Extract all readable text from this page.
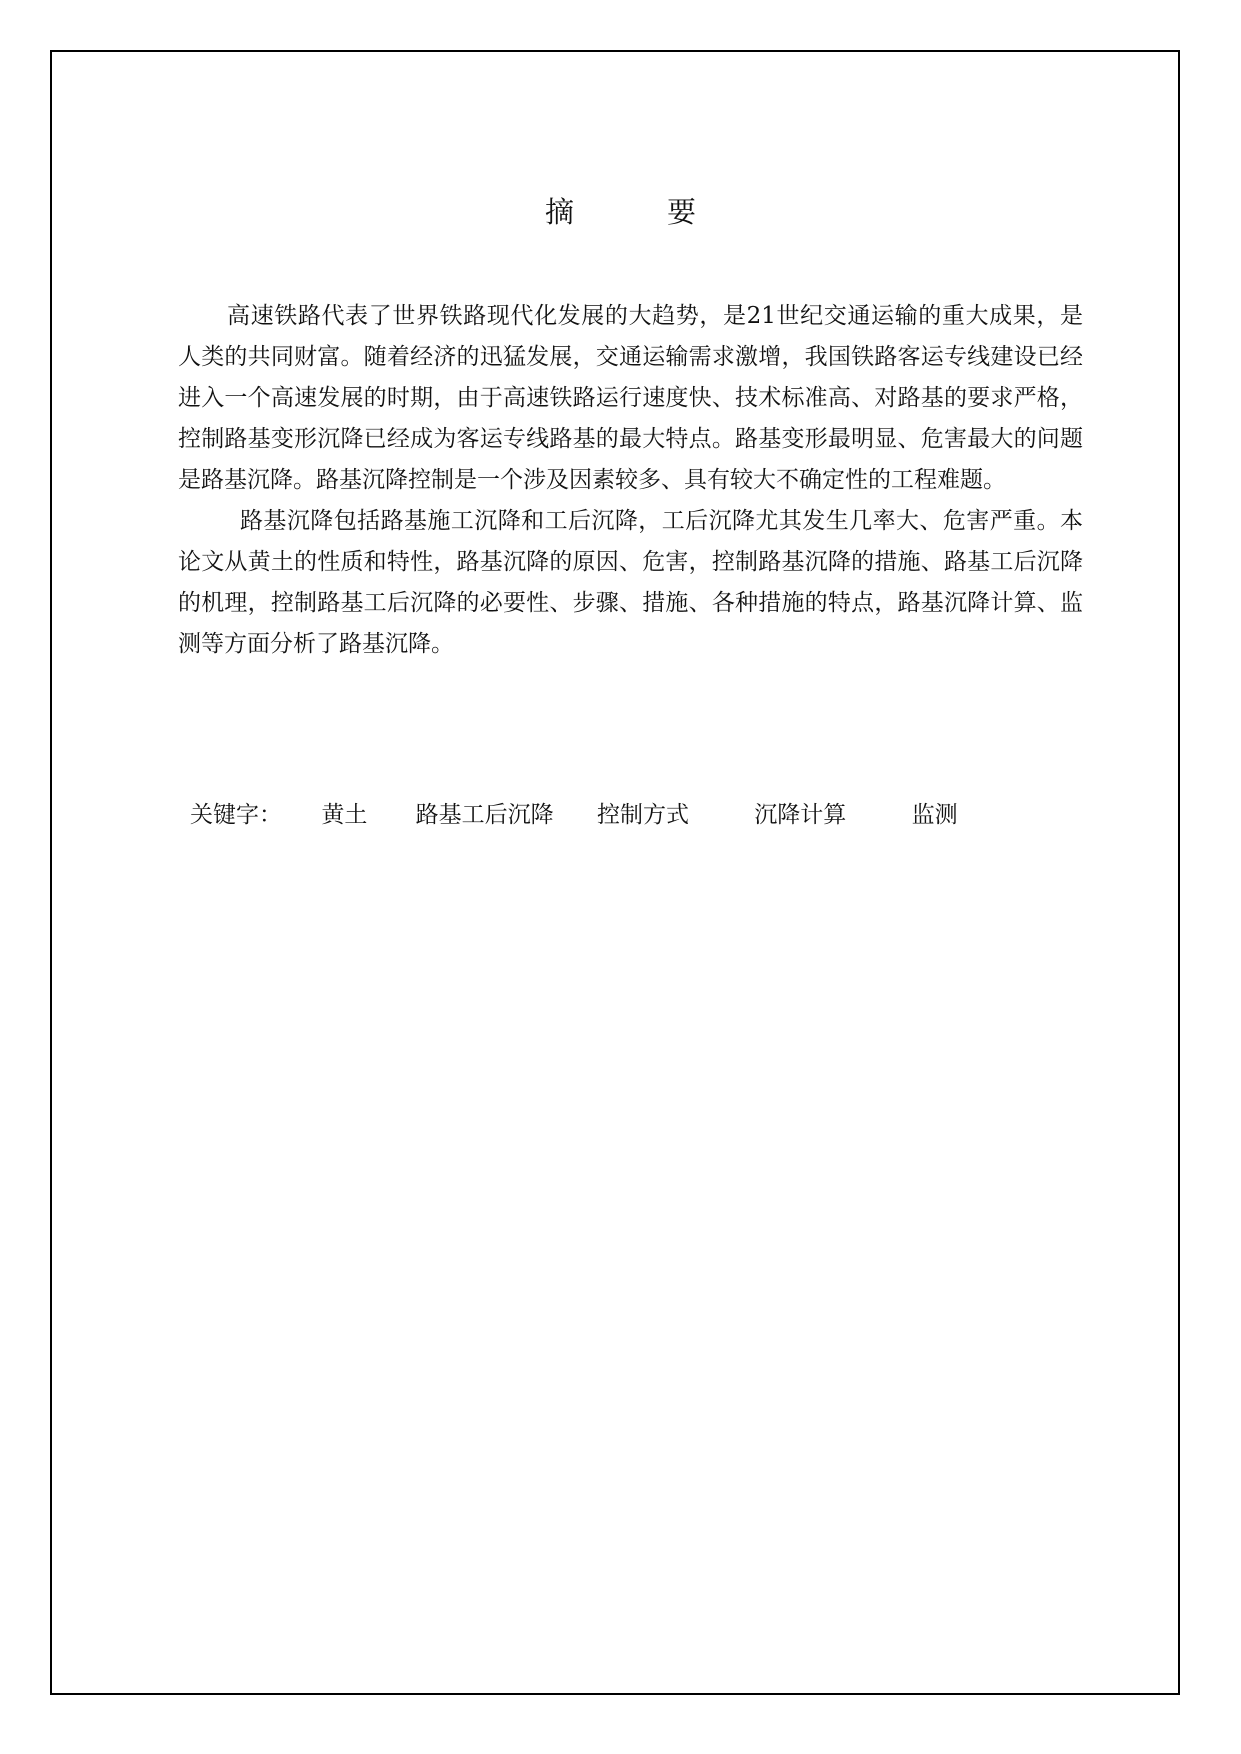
摘　要

高速铁路代表了世界铁路现代化发展的大趋势，是21世纪交通运输的重大成果，是人类的共同财富。随着经济的迅猛发展，交通运输需求激增，我国铁路客运专线建设已经进入一个高速发展的时期，由于高速铁路运行速度快、技术标准高、对路基的要求严格， 控制路基变形沉降已经成为客运专线路基的最大特点。路基变形最明显、危害最大的问题是路基沉降。路基沉降控制是一个涉及因素较多、具有较大不确定性的工程难题。

路基沉降包括路基施工沉降和工后沉降，工后沉降尤其发生几率大、危害严重。本论文从黄土的性质和特性，路基沉降的原因、危害，控制路基沉降的措施、路基工后沉降的机理，控制路基工后沉降的必要性、步骤、措施、各种措施的特点，路基沉降计算、监测等方面分析了路基沉降。

关键字： 黄土 路基工后沉降 控制方式	沉降计算	监测
